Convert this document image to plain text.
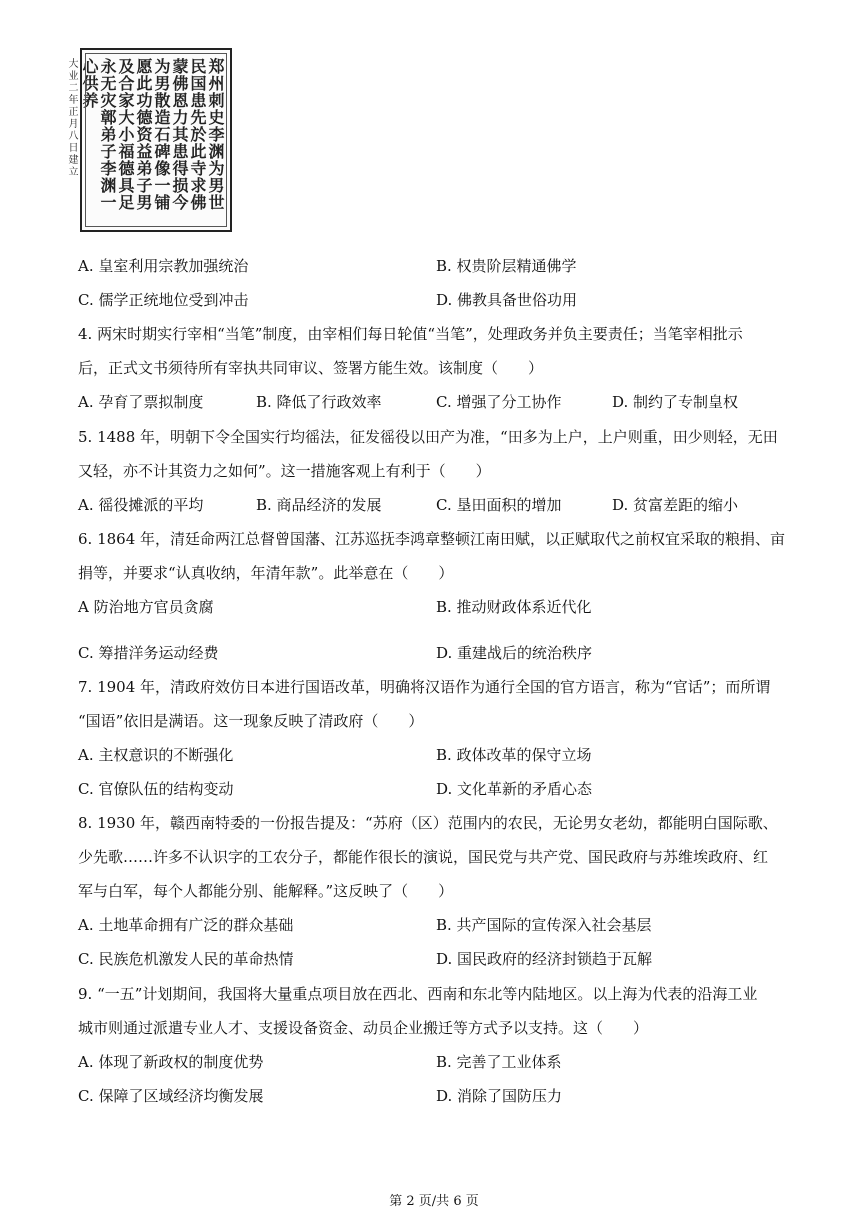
郑州刺史李渊为男世
民国患先於此寺求佛
蒙佛恩力其患得损今
为男散造石碑像一铺
愿此功德资益弟子男
及合家大小福德具足
永无灾鄣弟子李渊一
心供养
大业二年正月八日建立
A. 皇室利用宗教加强统治	B. 权贵阶层精通佛学
C. 儒学正统地位受到冲击	D. 佛教具备世俗功用
4. 两宋时期实行宰相“当笔”制度，由宰相们每日轮值“当笔”，处理政务并负主要责任；当笔宰相批示
后，正式文书须待所有宰执共同审议、签署方能生效。该制度（　　）
A. 孕育了票拟制度	B. 降低了行政效率	C. 增强了分工协作	D. 制约了专制皇权
5. 1488 年，明朝下令全国实行均徭法，征发徭役以田产为准，“田多为上户，上户则重，田少则轻，无田
又轻，亦不计其资力之如何”。这一措施客观上有利于（　　）
A. 徭役摊派的平均	B. 商品经济的发展	C. 垦田面积的增加	D. 贫富差距的缩小
6. 1864 年，清廷命两江总督曾国藩、江苏巡抚李鸿章整顿江南田赋，以正赋取代之前权宜采取的粮捐、亩
捐等，并要求“认真收纳，年清年款”。此举意在（　　）
A 防治地方官员贪腐	B. 推动财政体系近代化
C. 筹措洋务运动经费	D. 重建战后的统治秩序
7. 1904 年，清政府效仿日本进行国语改革，明确将汉语作为通行全国的官方语言，称为“官话”；而所谓
“国语”依旧是满语。这一现象反映了清政府（　　）
A. 主权意识的不断强化	B. 政体改革的保守立场
C. 官僚队伍的结构变动	D. 文化革新的矛盾心态
8. 1930 年，赣西南特委的一份报告提及：“苏府（区）范围内的农民，无论男女老幼，都能明白国际歌、
少先歌……许多不认识字的工农分子，都能作很长的演说，国民党与共产党、国民政府与苏维埃政府、红
军与白军，每个人都能分别、能解释。”这反映了（　　）
A. 土地革命拥有广泛的群众基础	B. 共产国际的宣传深入社会基层
C. 民族危机激发人民的革命热情	D. 国民政府的经济封锁趋于瓦解
9. “一五”计划期间，我国将大量重点项目放在西北、西南和东北等内陆地区。以上海为代表的沿海工业
城市则通过派遣专业人才、支援设备资金、动员企业搬迁等方式予以支持。这（　　）
A. 体现了新政权的制度优势	B. 完善了工业体系
C. 保障了区域经济均衡发展	D. 消除了国防压力
第 2 页/共 6 页
